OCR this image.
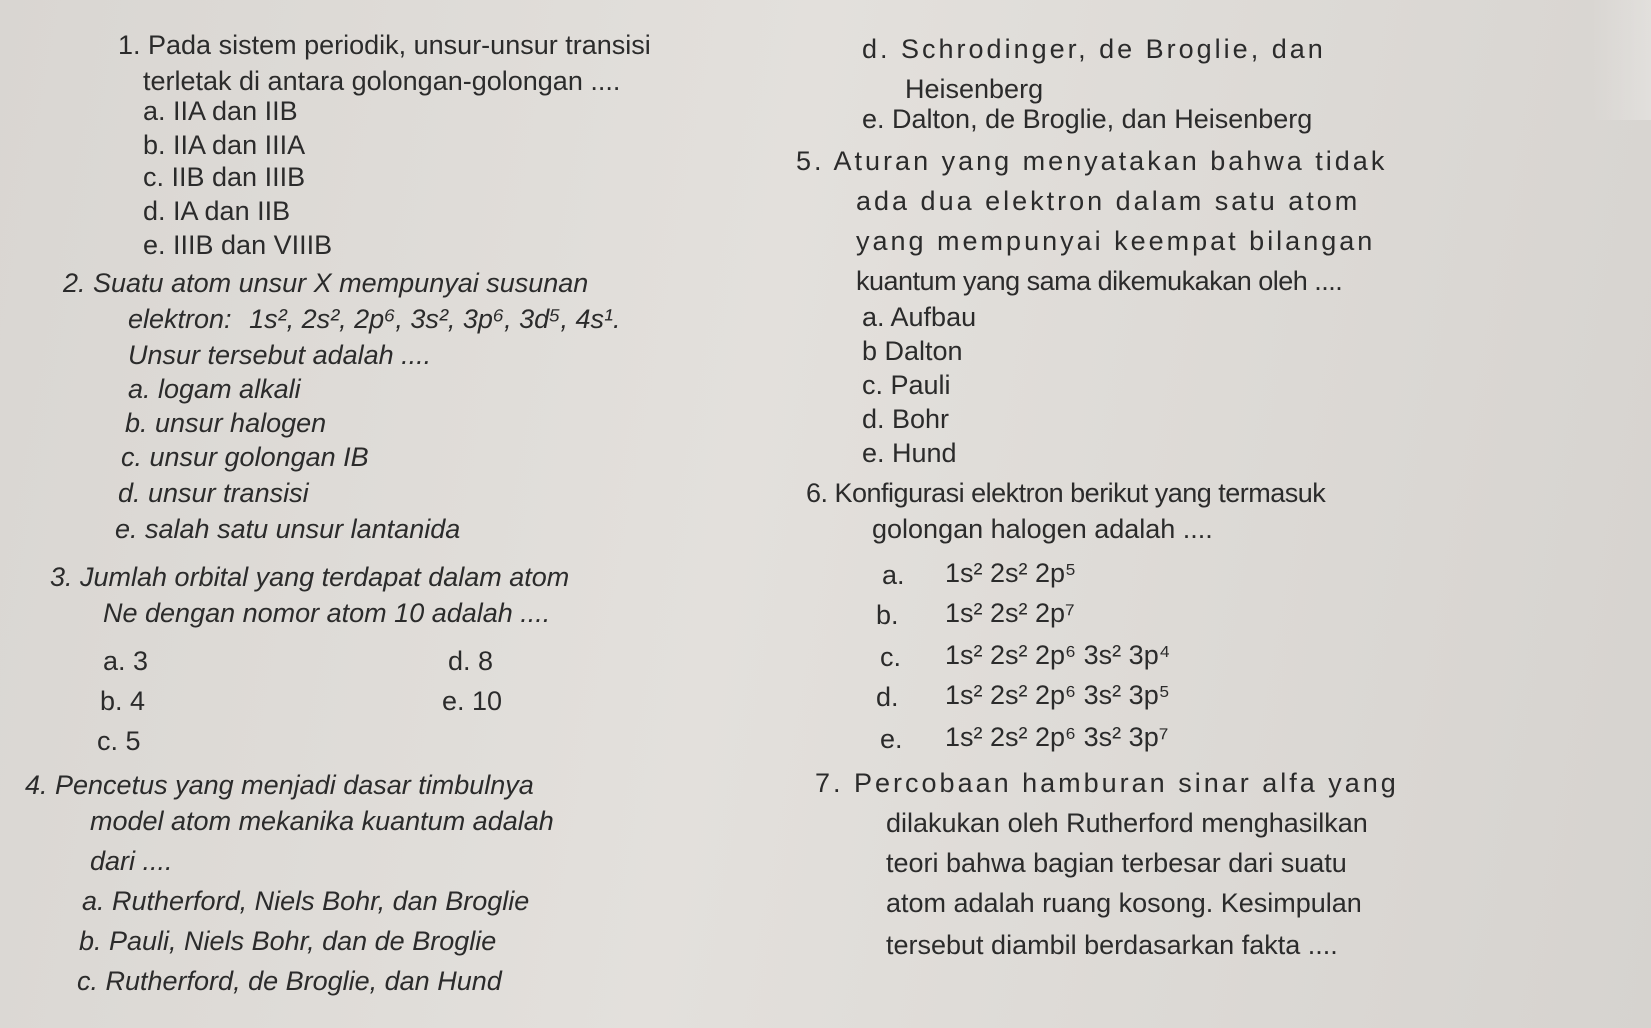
1. Pada sistem periodik, unsur-unsur transisi
terletak di antara golongan-golongan ....
a. IIA dan IIB
b. IIA dan IIIA
c. IIB dan IIIB
d. IA dan IIB
e. IIIB dan VIIIB
2. Suatu atom unsur X mempunyai susunan
elektron: 1s², 2s², 2p⁶, 3s², 3p⁶, 3d⁵, 4s¹.
Unsur tersebut adalah ....
a. logam alkali
b. unsur halogen
c. unsur golongan IB
d. unsur transisi
e. salah satu unsur lantanida
3. Jumlah orbital yang terdapat dalam atom
Ne dengan nomor atom 10 adalah ....
a. 3
b. 4
c. 5
d. 8
e. 10
4. Pencetus yang menjadi dasar timbulnya
model atom mekanika kuantum adalah
dari ....
a. Rutherford, Niels Bohr, dan Broglie
b. Pauli, Niels Bohr, dan de Broglie
c. Rutherford, de Broglie, dan Hund
d. Schrodinger, de Broglie, dan
Heisenberg
e. Dalton, de Broglie, dan Heisenberg
5. Aturan yang menyatakan bahwa tidak
ada dua elektron dalam satu atom
yang mempunyai keempat bilangan
kuantum yang sama dikemukakan oleh ....
a. Aufbau
b Dalton
c. Pauli
d. Bohr
e. Hund
6. Konfigurasi elektron berikut yang termasuk
golongan halogen adalah ....
a. 1s² 2s² 2p⁵
b. 1s² 2s² 2p⁷
c. 1s² 2s² 2p⁶ 3s² 3p⁴
d. 1s² 2s² 2p⁶ 3s² 3p⁵
e. 1s² 2s² 2p⁶ 3s² 3p⁷
7. Percobaan hamburan sinar alfa yang
dilakukan oleh Rutherford menghasilkan
teori bahwa bagian terbesar dari suatu
atom adalah ruang kosong. Kesimpulan
tersebut diambil berdasarkan fakta ....
